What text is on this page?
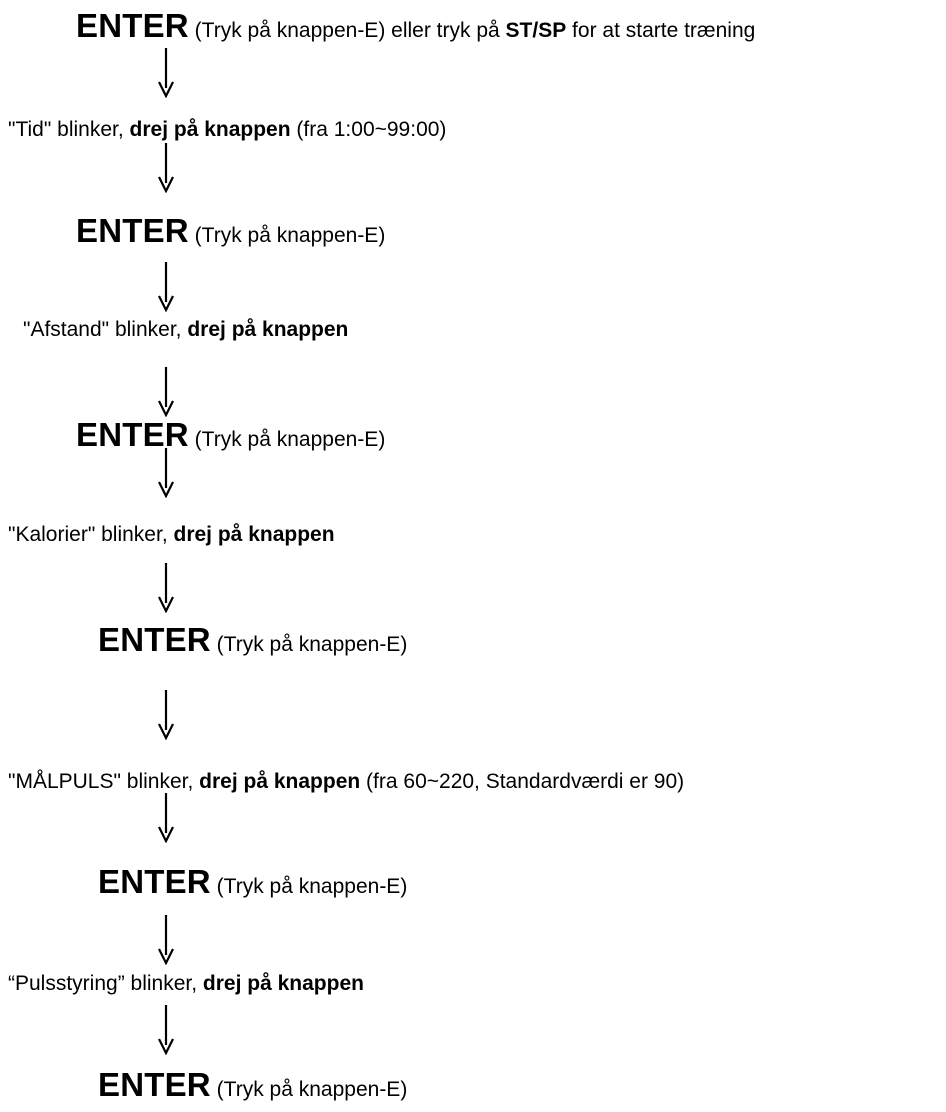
ENTER (Tryk på knappen-E) eller tryk på ST/SP for at starte træning
"Tid" blinker, drej på knappen (fra 1:00~99:00)
ENTER (Tryk på knappen-E)
"Afstand" blinker, drej på knappen
ENTER (Tryk på knappen-E)
"Kalorier" blinker, drej på knappen
ENTER (Tryk på knappen-E)
"MÅLPULS" blinker, drej på knappen (fra 60~220, Standardværdi er 90)
ENTER (Tryk på knappen-E)
“Pulsstyring” blinker, drej på knappen
ENTER (Tryk på knappen-E)
